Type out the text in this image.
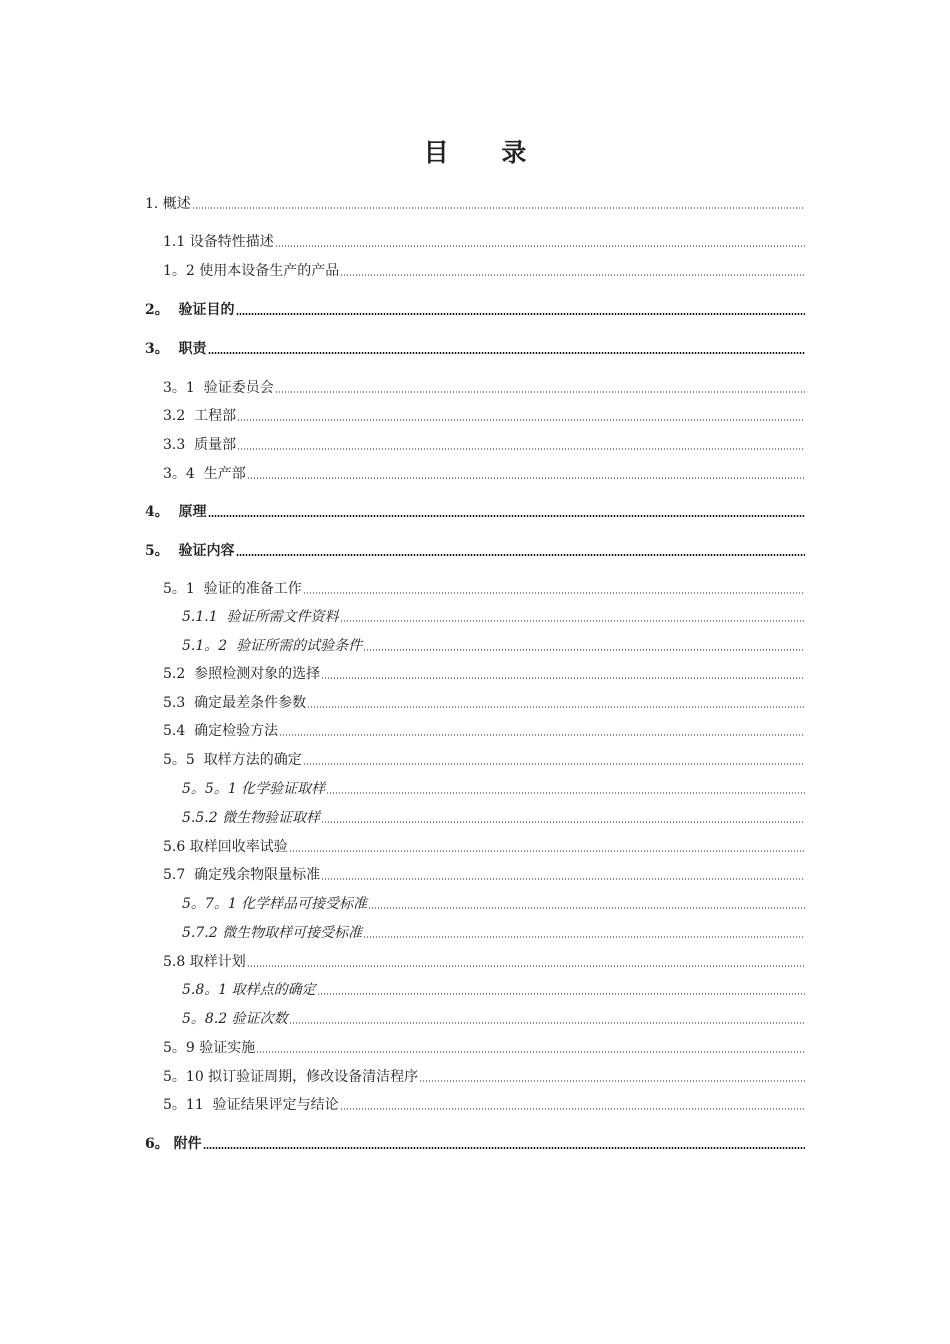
目 录
1. 概述
1.1 设备特性描述
1。2 使用本设备生产的产品
2。  验证目的
3。  职责
3。1  验证委员会
3.2  工程部
3.3  质量部
3。4  生产部
4。  原理
5。  验证内容
5。1  验证的准备工作
5.1.1  验证所需文件资料
5.1。2  验证所需的试验条件
5.2  参照检测对象的选择
5.3  确定最差条件参数
5.4  确定检验方法
5。5  取样方法的确定
5。5。1 化学验证取样
5.5.2 微生物验证取样
5.6 取样回收率试验
5.7  确定残余物限量标准
5。7。1 化学样品可接受标准
5.7.2 微生物取样可接受标准
5.8 取样计划
5.8。1 取样点的确定
5。8.2 验证次数
5。9 验证实施
5。10 拟订验证周期，修改设备清洁程序
5。11  验证结果评定与结论
6。 附件
